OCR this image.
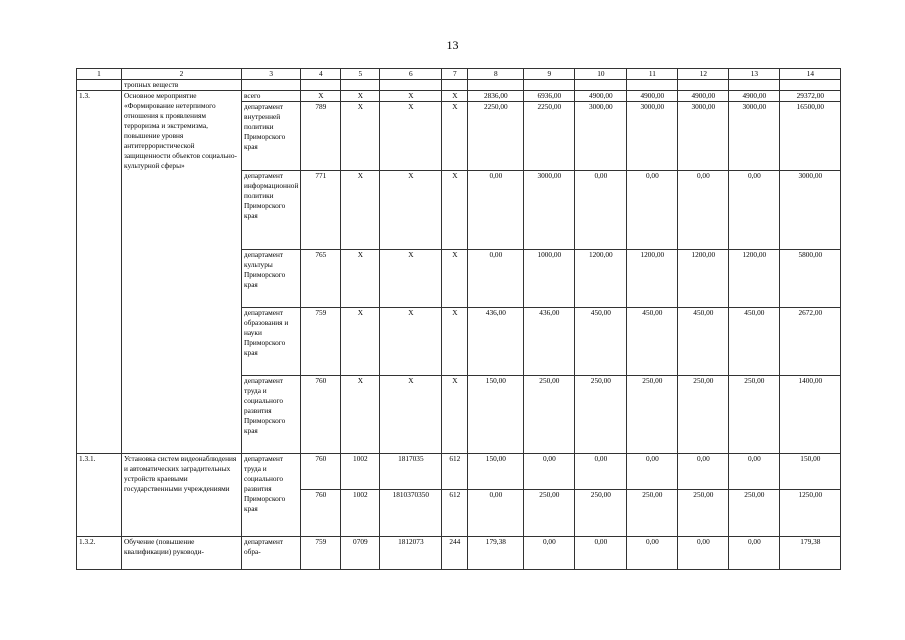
13
1	2	3	4	5	6	7	8	9	10	11	12	13	14
	тропных веществ												
1.3.	Основное мероприятие «Формирование нетерпимого отношения к проявлениям терроризма и экстремизма, повышение уровня антитеррористической защищенности объектов социально-культурной сферы»	всего	X	X	X	X	2836,00	6936,00	4900,00	4900,00	4900,00	4900,00	29372,00
		департамент внутренней политики Приморского края	789	X	X	X	2250,00	2250,00	3000,00	3000,00	3000,00	3000,00	16500,00
		департамент информационной политики Приморского края	771	X	X	X	0,00	3000,00	0,00	0,00	0,00	0,00	3000,00
		департамент культуры Приморского края	765	X	X	X	0,00	1000,00	1200,00	1200,00	1200,00	1200,00	5800,00
		департамент образования и науки Приморского края	759	X	X	X	436,00	436,00	450,00	450,00	450,00	450,00	2672,00
		департамент труда и социального развития Приморского края	760	X	X	X	150,00	250,00	250,00	250,00	250,00	250,00	1400,00
1.3.1.	Установка систем видеонаблюдения и автоматических заградительных устройств краевыми государственными учреждениями	департамент труда и социального развития Приморского края	760	1002	1817035	612	150,00	0,00	0,00	0,00	0,00	0,00	150,00
			760	1002	1810370350	612	0,00	250,00	250,00	250,00	250,00	250,00	1250,00
1.3.2.	Обучение (повышение квалификации) руководи-	департамент обра-	759	0709	1812073	244	179,38	0,00	0,00	0,00	0,00	0,00	179,38
